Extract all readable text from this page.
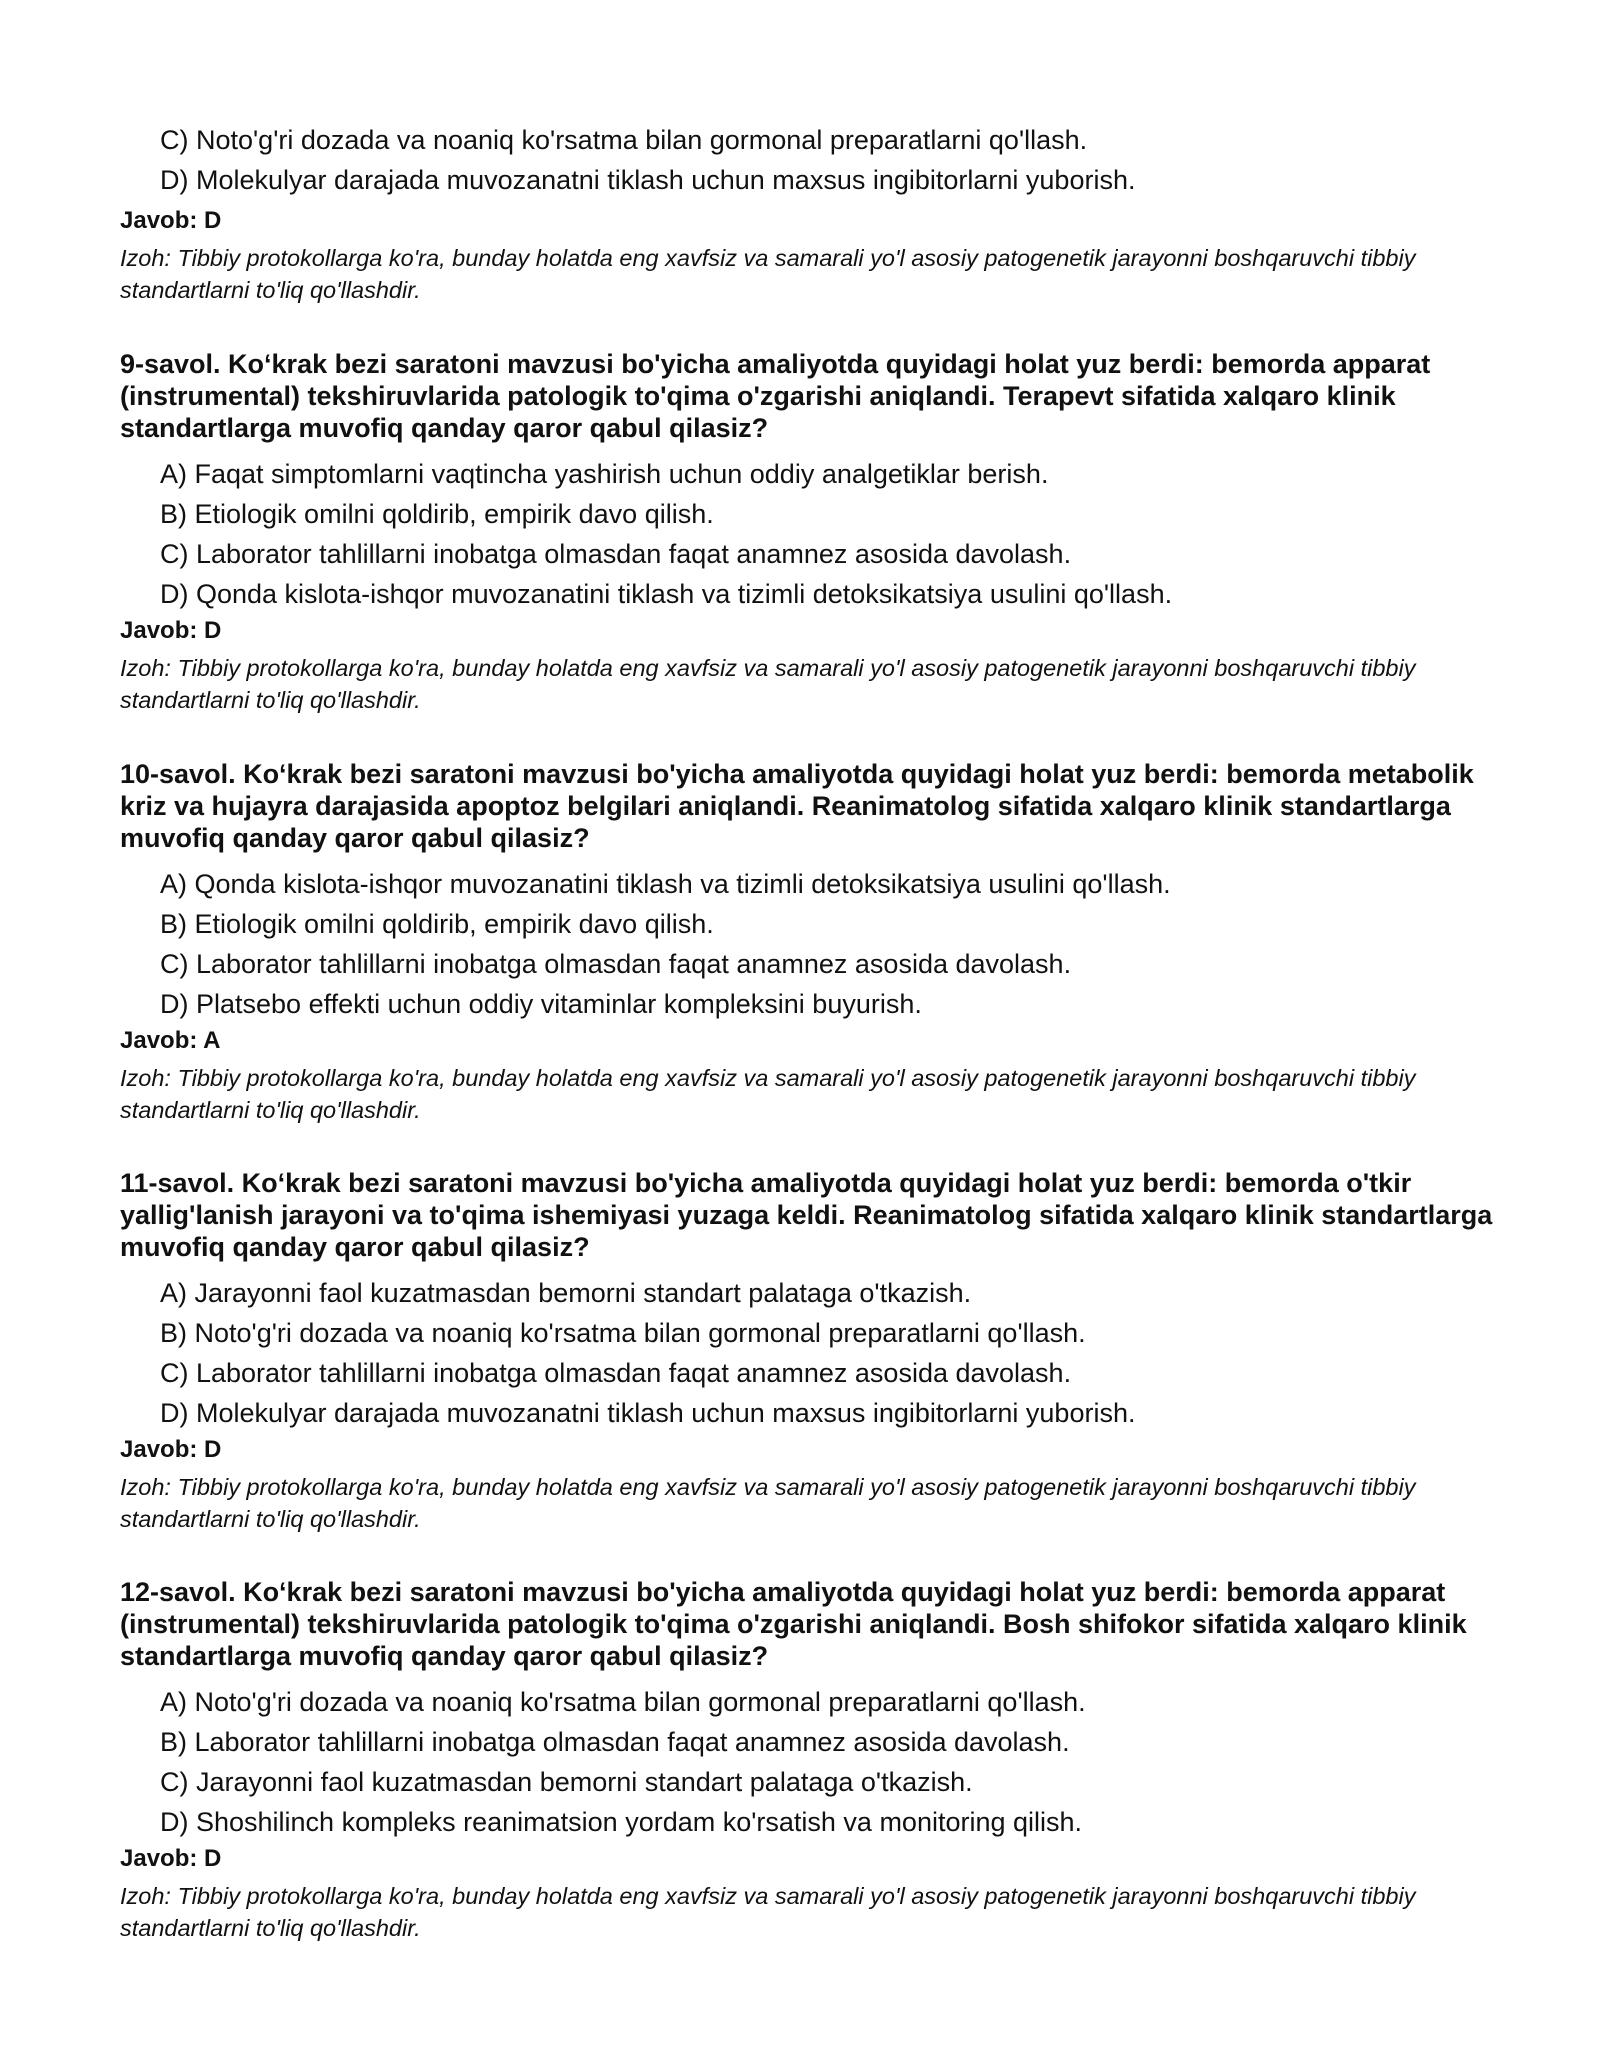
C) Noto'g'ri dozada va noaniq ko'rsatma bilan gormonal preparatlarni qo'llash.
D) Molekulyar darajada muvozanatni tiklash uchun maxsus ingibitorlarni yuborish.
Javob: D
Izoh: Tibbiy protokollarga ko'ra, bunday holatda eng xavfsiz va samarali yo'l asosiy patogenetik jarayonni boshqaruvchi tibbiy standartlarni to'liq qo'llashdir.

9-savol. Ko‘krak bezi saratoni mavzusi bo'yicha amaliyotda quyidagi holat yuz berdi: bemorda apparat (instrumental) tekshiruvlarida patologik to'qima o'zgarishi aniqlandi. Terapevt sifatida xalqaro klinik standartlarga muvofiq qanday qaror qabul qilasiz?

A) Faqat simptomlarni vaqtincha yashirish uchun oddiy analgetiklar berish.
B) Etiologik omilni qoldirib, empirik davo qilish.
C) Laborator tahlillarni inobatga olmasdan faqat anamnez asosida davolash.
D) Qonda kislota-ishqor muvozanatini tiklash va tizimli detoksikatsiya usulini qo'llash.
Javob: D
Izoh: Tibbiy protokollarga ko'ra, bunday holatda eng xavfsiz va samarali yo'l asosiy patogenetik jarayonni boshqaruvchi tibbiy standartlarni to'liq qo'llashdir.

10-savol. Ko‘krak bezi saratoni mavzusi bo'yicha amaliyotda quyidagi holat yuz berdi: bemorda metabolik kriz va hujayra darajasida apoptoz belgilari aniqlandi. Reanimatolog sifatida xalqaro klinik standartlarga muvofiq qanday qaror qabul qilasiz?

A) Qonda kislota-ishqor muvozanatini tiklash va tizimli detoksikatsiya usulini qo'llash.
B) Etiologik omilni qoldirib, empirik davo qilish.
C) Laborator tahlillarni inobatga olmasdan faqat anamnez asosida davolash.
D) Platsebo effekti uchun oddiy vitaminlar kompleksini buyurish.
Javob: A
Izoh: Tibbiy protokollarga ko'ra, bunday holatda eng xavfsiz va samarali yo'l asosiy patogenetik jarayonni boshqaruvchi tibbiy standartlarni to'liq qo'llashdir.

11-savol. Ko‘krak bezi saratoni mavzusi bo'yicha amaliyotda quyidagi holat yuz berdi: bemorda o'tkir yallig'lanish jarayoni va to'qima ishemiyasi yuzaga keldi. Reanimatolog sifatida xalqaro klinik standartlarga muvofiq qanday qaror qabul qilasiz?

A) Jarayonni faol kuzatmasdan bemorni standart palataga o'tkazish.
B) Noto'g'ri dozada va noaniq ko'rsatma bilan gormonal preparatlarni qo'llash.
C) Laborator tahlillarni inobatga olmasdan faqat anamnez asosida davolash.
D) Molekulyar darajada muvozanatni tiklash uchun maxsus ingibitorlarni yuborish.
Javob: D
Izoh: Tibbiy protokollarga ko'ra, bunday holatda eng xavfsiz va samarali yo'l asosiy patogenetik jarayonni boshqaruvchi tibbiy standartlarni to'liq qo'llashdir.

12-savol. Ko‘krak bezi saratoni mavzusi bo'yicha amaliyotda quyidagi holat yuz berdi: bemorda apparat (instrumental) tekshiruvlarida patologik to'qima o'zgarishi aniqlandi. Bosh shifokor sifatida xalqaro klinik standartlarga muvofiq qanday qaror qabul qilasiz?

A) Noto'g'ri dozada va noaniq ko'rsatma bilan gormonal preparatlarni qo'llash.
B) Laborator tahlillarni inobatga olmasdan faqat anamnez asosida davolash.
C) Jarayonni faol kuzatmasdan bemorni standart palataga o'tkazish.
D) Shoshilinch kompleks reanimatsion yordam ko'rsatish va monitoring qilish.
Javob: D
Izoh: Tibbiy protokollarga ko'ra, bunday holatda eng xavfsiz va samarali yo'l asosiy patogenetik jarayonni boshqaruvchi tibbiy standartlarni to'liq qo'llashdir.
